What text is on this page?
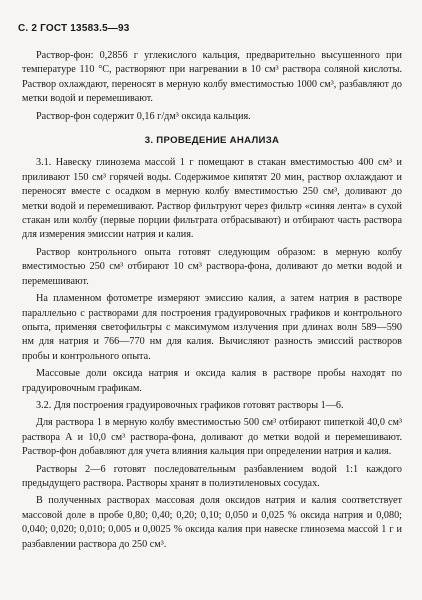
С. 2 ГОСТ 13583.5—93

Раствор-фон: 0,2856 г углекислого кальция, предварительно высушенного при температуре 110 °С, растворяют при нагревании в 10 см³ раствора соляной кислоты. Раствор охлаждают, переносят в мерную колбу вместимостью 1000 см³, разбавляют до метки водой и перемешивают.

Раствор-фон содержит 0,16 г/дм³ оксида кальция.

3. ПРОВЕДЕНИЕ АНАЛИЗА

3.1. Навеску глинозема массой 1 г помещают в стакан вместимостью 400 см³ и приливают 150 см³ горячей воды. Содержимое кипятят 20 мин, раствор охлаждают и переносят вместе с осадком в мерную колбу вместимостью 250 см³, доливают до метки водой и перемешивают. Раствор фильтруют через фильтр «синяя лента» в сухой стакан или колбу (первые порции фильтрата отбрасывают) и отбирают часть раствора для измерения эмиссии натрия и калия.

Раствор контрольного опыта готовят следующим образом: в мерную колбу вместимостью 250 см³ отбирают 10 см³ раствора-фона, доливают до метки водой и перемешивают.

На пламенном фотометре измеряют эмиссию калия, а затем натрия в растворе параллельно с растворами для построения градуировочных графиков и контрольного опыта, применяя светофильтры с максимумом излучения при длинах волн 589—590 нм для натрия и 766—770 нм для калия. Вычисляют разность эмиссий растворов пробы и контрольного опыта.

Массовые доли оксида натрия и оксида калия в растворе пробы находят по градуировочным графикам.

3.2. Для построения градуировочных графиков готовят растворы 1—6.

Для раствора 1 в мерную колбу вместимостью 500 см³ отбирают пипеткой 40,0 см³ раствора А и 10,0 см³ раствора-фона, доливают до метки водой и перемешивают. Раствор-фон добавляют для учета влияния кальция при определении натрия и калия.

Растворы 2—6 готовят последовательным разбавлением водой 1:1 каждого предыдущего раствора. Растворы хранят в полиэтиленовых сосудах.

В полученных растворах массовая доля оксидов натрия и калия соответствует массовой доле в пробе 0,80; 0,40; 0,20; 0,10; 0,050 и 0,025 % оксида натрия и 0,080; 0,040; 0,020; 0,010; 0,005 и 0,0025 % оксида калия при навеске глинозема массой 1 г и разбавлении раствора до 250 см³.
